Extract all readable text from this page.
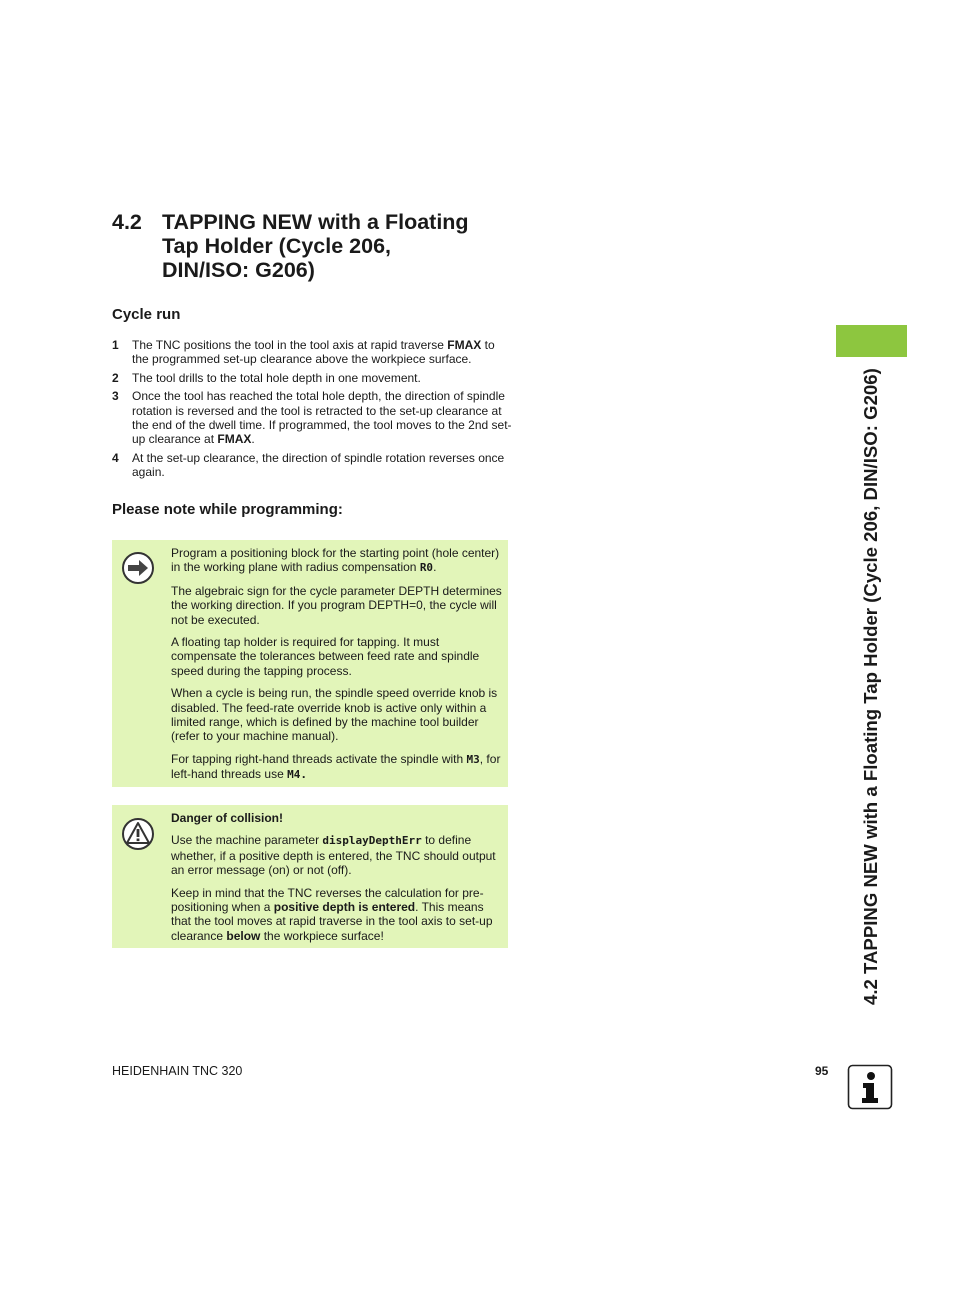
4.2 TAPPING NEW with a Floating
Tap Holder (Cycle 206,
DIN/ISO: G206)
Cycle run
1 The TNC positions the tool in the tool axis at rapid traverse FMAX to the programmed set-up clearance above the workpiece surface.
2 The tool drills to the total hole depth in one movement.
3 Once the tool has reached the total hole depth, the direction of spindle rotation is reversed and the tool is retracted to the set-up clearance at the end of the dwell time. If programmed, the tool moves to the 2nd set-up clearance at FMAX.
4 At the set-up clearance, the direction of spindle rotation reverses once again.
Please note while programming:

Program a positioning block for the starting point (hole center) in the working plane with radius compensation R0.

The algebraic sign for the cycle parameter DEPTH determines the working direction. If you program DEPTH=0, the cycle will not be executed.

A floating tap holder is required for tapping. It must compensate the tolerances between feed rate and spindle speed during the tapping process.

When a cycle is being run, the spindle speed override knob is disabled. The feed-rate override knob is active only within a limited range, which is defined by the machine tool builder (refer to your machine manual).

For tapping right-hand threads activate the spindle with M3, for left-hand threads use M4.

Danger of collision!

Use the machine parameter displayDepthErr to define whether, if a positive depth is entered, the TNC should output an error message (on) or not (off).

Keep in mind that the TNC reverses the calculation for pre-positioning when a positive depth is entered. This means that the tool moves at rapid traverse in the tool axis to set-up clearance below the workpiece surface!	4.2 TAPPING NEW with a Floating Tap Holder (Cycle 206, DIN/ISO: G206)
HEIDENHAIN TNC 320	95
